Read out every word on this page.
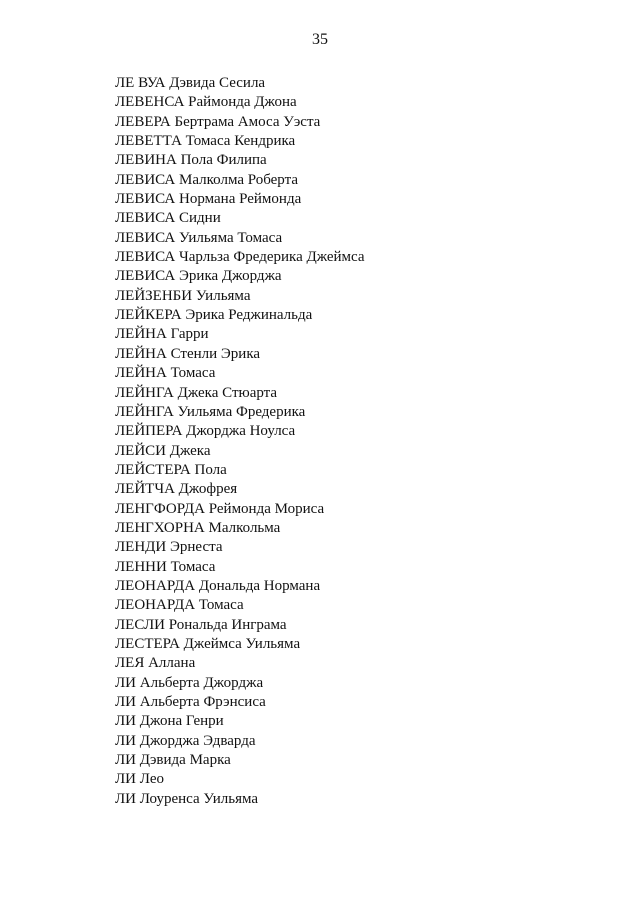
35
ЛЕ ВУА Дэвида Сесила
ЛЕВЕНСА Раймонда Джона
ЛЕВЕРА Бертрама Амоса Уэста
ЛЕВЕТТА Томаса Кендрика
ЛЕВИНА Пола Филипа
ЛЕВИСА Малколма Роберта
ЛЕВИСА Нормана Реймонда
ЛЕВИСА Сидни
ЛЕВИСА Уильяма Томаса
ЛЕВИСА Чарльза Фредерика Джеймса
ЛЕВИСА Эрика Джорджа
ЛЕЙЗЕНБИ Уильяма
ЛЕЙКЕРА Эрика Реджинальда
ЛЕЙНА Гарри
ЛЕЙНА Стенли Эрика
ЛЕЙНА Томаса
ЛЕЙНГА Джека Стюарта
ЛЕЙНГА Уильяма Фредерика
ЛЕЙПЕРА Джорджа Ноулса
ЛЕЙСИ Джека
ЛЕЙСТЕРА Пола
ЛЕЙТЧА Джофрея
ЛЕНГФОРДА Реймонда Мориса
ЛЕНГХОРНА Малкольма
ЛЕНДИ Эрнеста
ЛЕННИ Томаса
ЛЕОНАРДА Дональда Нормана
ЛЕОНАРДА Томаса
ЛЕСЛИ Рональда Инграма
ЛЕСТЕРА Джеймса Уильяма
ЛЕЯ Аллана
ЛИ Альберта Джорджа
ЛИ Альберта Фрэнсиса
ЛИ Джона Генри
ЛИ Джорджа Эдварда
ЛИ Дэвида Марка
ЛИ Лео
ЛИ Лоуренса Уильяма
